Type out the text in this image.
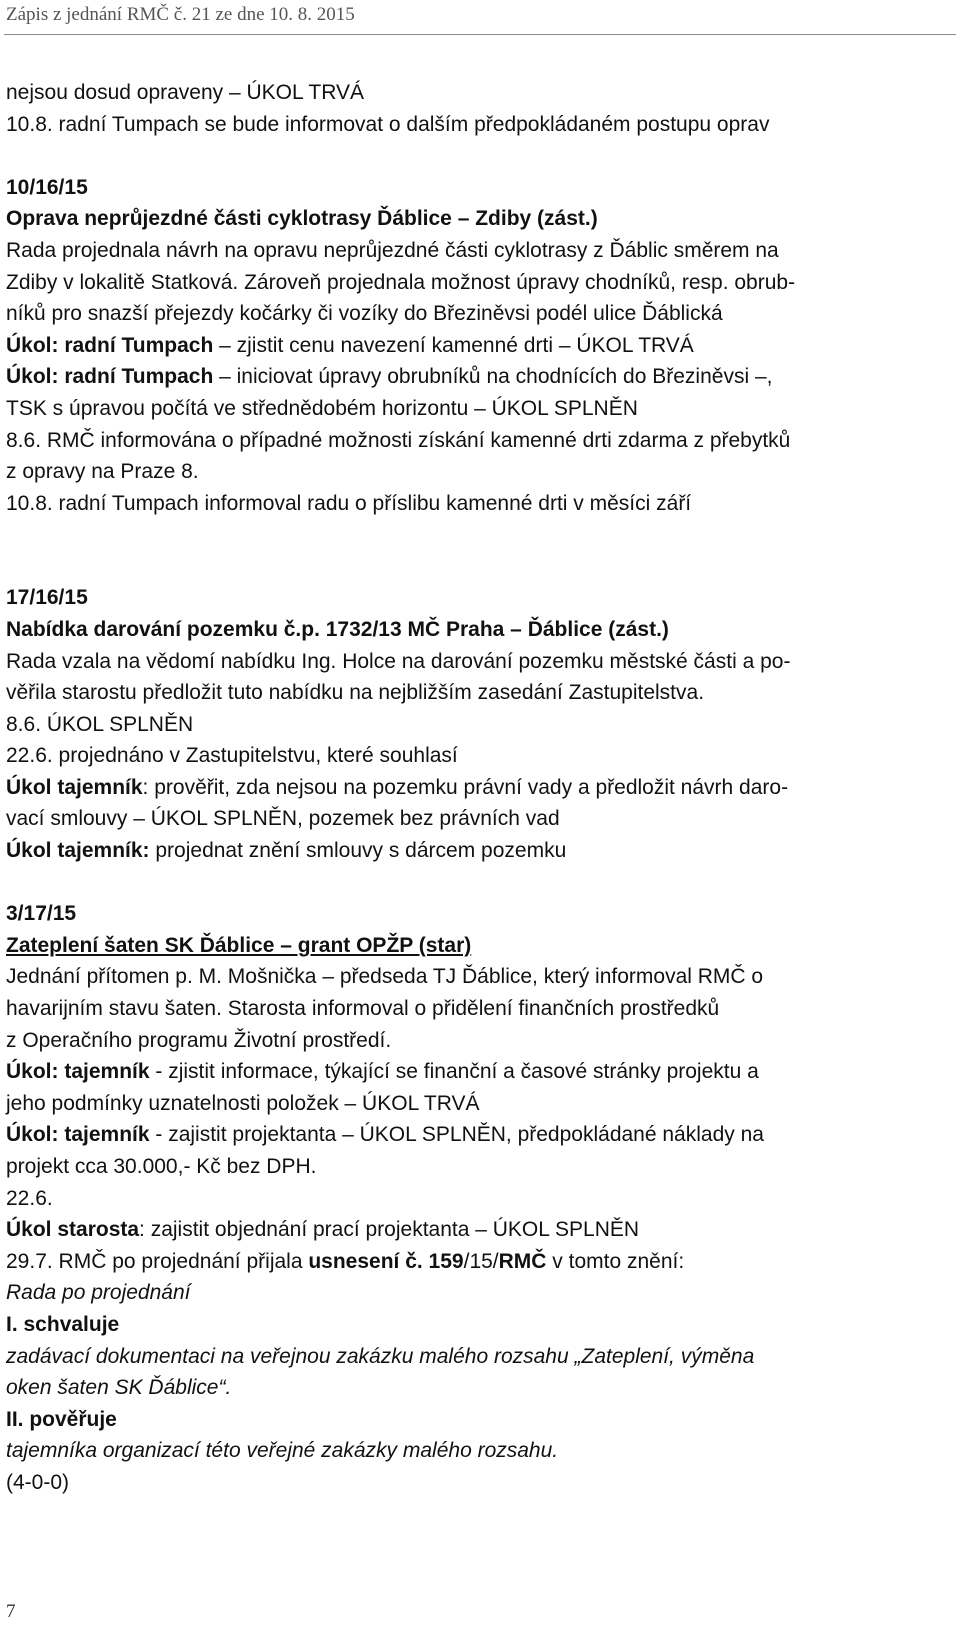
Zápis z jednání RMČ č. 21 ze dne 10. 8. 2015
nejsou dosud opraveny – ÚKOL TRVÁ
10.8. radní Tumpach se bude informovat o dalším předpokládaném postupu oprav
10/16/15
Oprava neprůjezdné části cyklotrasy Ďáblice – Zdiby (zást.)
Rada projednala návrh na opravu neprůjezdné části cyklotrasy z Ďáblic směrem na
Zdiby v lokalitě Statková. Zároveň projednala možnost úpravy chodníků, resp. obrub-
níků pro snazší přejezdy kočárky či vozíky do Březiněvsi podél ulice Ďáblická
Úkol: radní Tumpach – zjistit cenu navezení kamenné drti – ÚKOL TRVÁ
Úkol: radní Tumpach – iniciovat úpravy obrubníků na chodnících do Březiněvsi –,
TSK s úpravou počítá ve střednědobém horizontu – ÚKOL SPLNĚN
8.6. RMČ informována o případné možnosti získání kamenné drti zdarma z přebytků
z opravy na Praze 8.
10.8. radní Tumpach informoval radu o příslibu kamenné drti v měsíci září
17/16/15
Nabídka darování pozemku č.p. 1732/13 MČ Praha – Ďáblice (zást.)
Rada vzala na vědomí nabídku Ing. Holce na darování pozemku městské části a po-
věřila starostu předložit tuto nabídku na nejbližším zasedání Zastupitelstva.
8.6. ÚKOL SPLNĚN
22.6. projednáno v Zastupitelstvu, které souhlasí
Úkol tajemník: prověřit, zda nejsou na pozemku právní vady a předložit návrh daro-
vací smlouvy – ÚKOL SPLNĚN, pozemek bez právních vad
Úkol tajemník: projednat znění smlouvy s dárcem pozemku
3/17/15
Zateplení šaten SK Ďáblice – grant OPŽP (star)
Jednání přítomen p. M. Mošnička – předseda TJ Ďáblice, který informoval RMČ o
havarijním stavu šaten. Starosta informoval o přidělení finančních prostředků
z Operačního programu Životní prostředí.
Úkol: tajemník - zjistit informace, týkající se finanční a časové stránky projektu a
jeho podmínky uznatelnosti položek – ÚKOL TRVÁ
Úkol: tajemník - zajistit projektanta – ÚKOL SPLNĚN, předpokládané náklady na
projekt cca 30.000,- Kč bez DPH.
22.6.
Úkol starosta: zajistit objednání prací projektanta – ÚKOL SPLNĚN
29.7. RMČ po projednání přijala usnesení č. 159/15/RMČ v tomto znění:
Rada po projednání
I. schvaluje
zadávací dokumentaci na veřejnou zakázku malého rozsahu „Zateplení, výměna
oken šaten SK Ďáblice“.
II. pověřuje
tajemníka organizací této veřejné zakázky malého rozsahu.
(4-0-0)
7
